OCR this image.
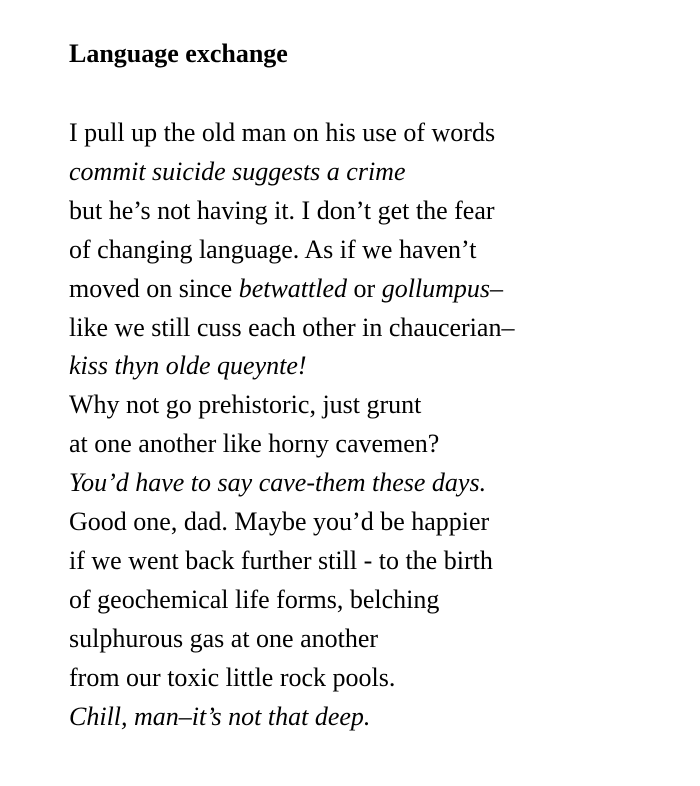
Language exchange
I pull up the old man on his use of words
commit suicide suggests a crime
but he’s not having it. I don’t get the fear
of changing language. As if we haven’t
moved on since betwattled or gollumpus–
like we still cuss each other in chaucerian–
kiss thyn olde queynte!
Why not go prehistoric, just grunt
at one another like horny cavemen?
You’d have to say cave-them these days.
Good one, dad. Maybe you’d be happier
if we went back further still - to the birth
of geochemical life forms, belching
sulphurous gas at one another
from our toxic little rock pools.
Chill, man–it’s not that deep.
